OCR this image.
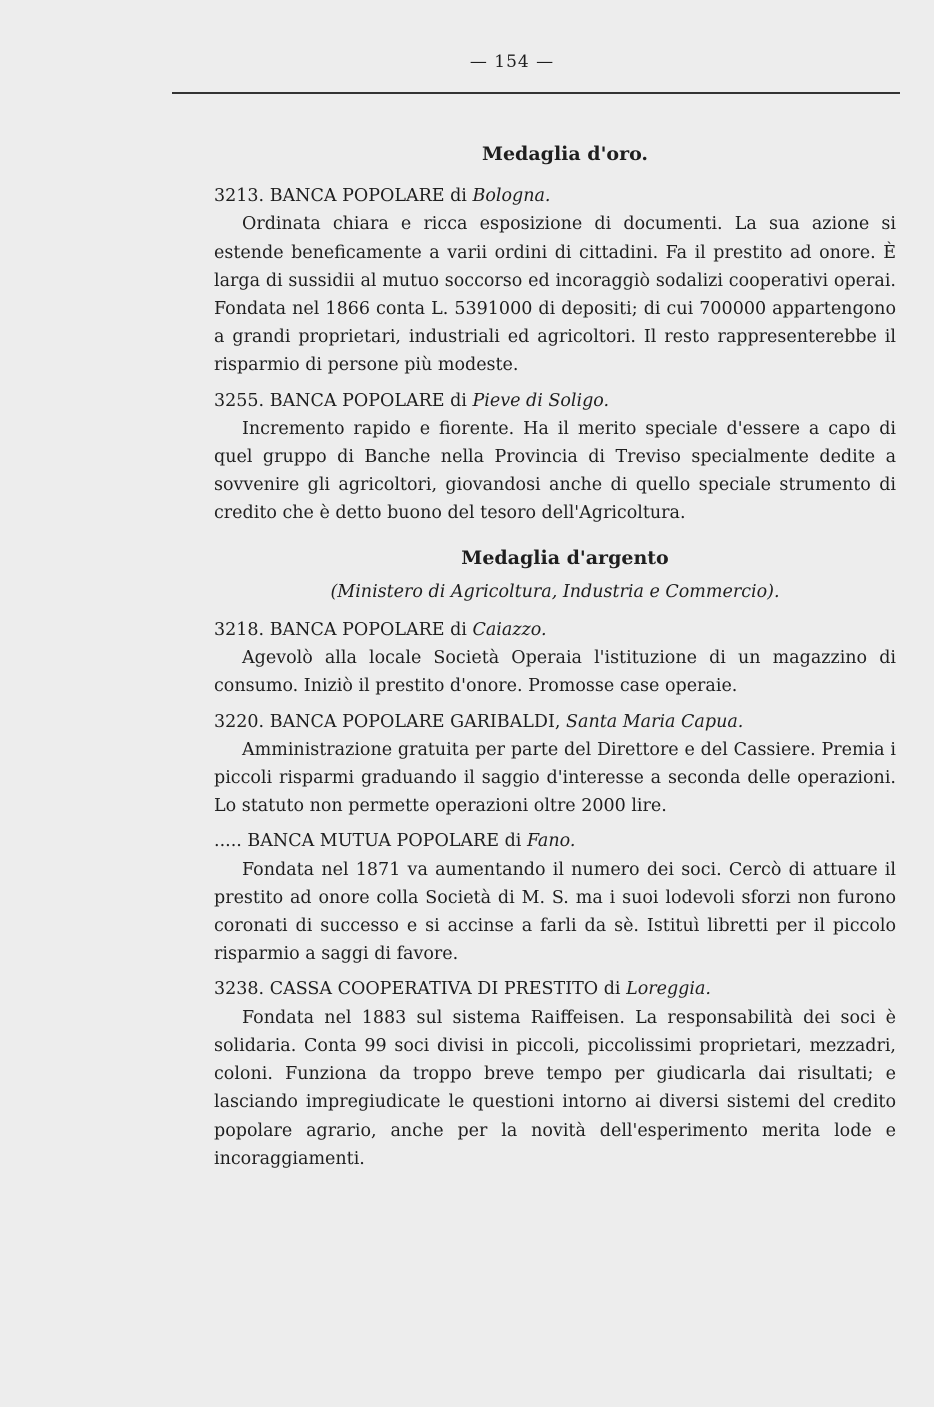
— 154 —
Medaglia d'oro.

3213. BANCA POPOLARE di Bologna.

Ordinata chiara e ricca esposizione di documenti. La sua azione si estende beneficamente a varii ordini di cittadini. Fa il prestito ad onore. È larga di sussidii al mutuo soccorso ed incoraggiò sodalizi cooperativi operai. Fondata nel 1866 conta L. 5391000 di depositi; di cui 700000 appartengono a grandi proprietari, industriali ed agricoltori. Il resto rappresenterebbe il risparmio di persone più modeste.

3255. BANCA POPOLARE di Pieve di Soligo.

Incremento rapido e fiorente. Ha il merito speciale d'essere a capo di quel gruppo di Banche nella Provincia di Treviso specialmente dedite a sovvenire gli agricoltori, giovandosi anche di quello speciale strumento di credito che è detto buono del tesoro dell'Agricoltura.

Medaglia d'argento

(Ministero di Agricoltura, Industria e Commercio).

3218. BANCA POPOLARE di Caiazzo.

Agevolò alla locale Società Operaia l'istituzione di un magazzino di consumo. Iniziò il prestito d'onore. Promosse case operaie.

3220. BANCA POPOLARE GARIBALDI, Santa Maria Capua.

Amministrazione gratuita per parte del Direttore e del Cassiere. Premia i piccoli risparmi graduando il saggio d'interesse a seconda delle operazioni. Lo statuto non permette operazioni oltre 2000 lire.

..... BANCA MUTUA POPOLARE di Fano.

Fondata nel 1871 va aumentando il numero dei soci. Cercò di attuare il prestito ad onore colla Società di M. S. ma i suoi lodevoli sforzi non furono coronati di successo e si accinse a farli da sè. Istituì libretti per il piccolo risparmio a saggi di favore.

3238. CASSA COOPERATIVA DI PRESTITO di Loreggia.

Fondata nel 1883 sul sistema Raiffeisen. La responsabilità dei soci è solidaria. Conta 99 soci divisi in piccoli, piccolissimi proprietari, mezzadri, coloni. Funziona da troppo breve tempo per giudicarla dai risultati; e lasciando impregiudicate le questioni intorno ai diversi sistemi del credito popolare agrario, anche per la novità dell'esperimento merita lode e incoraggiamenti.
